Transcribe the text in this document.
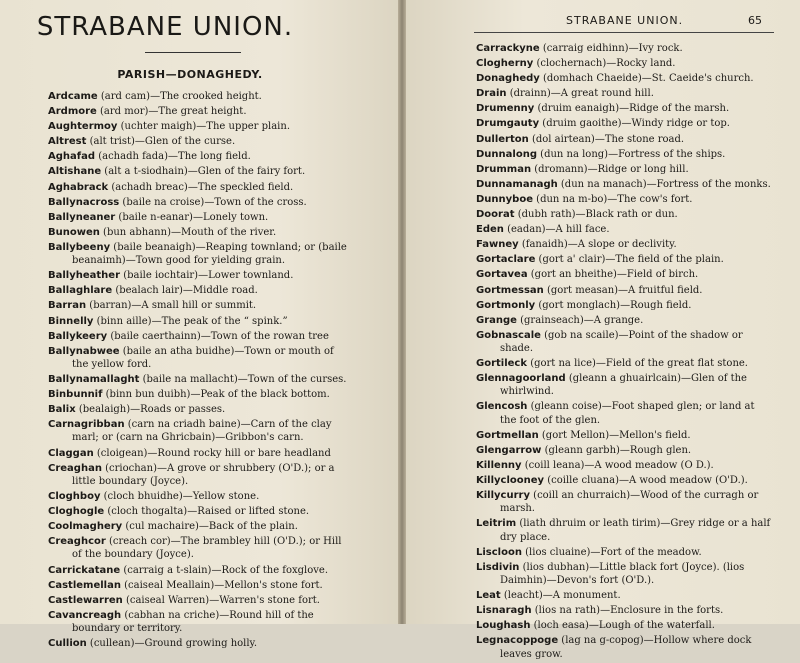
STRABANE UNION.
PARISH—DONAGHEDY.
Ardcame (ard cam)—The crooked height.
Ardmore (ard mor)—The great height.
Aughtermoy (uchter maigh)—The upper plain.
Altrest (alt trist)—Glen of the curse.
Aghafad (achadh fada)—The long field.
Altishane (alt a t-siodhain)—Glen of the fairy fort.
Aghabrack (achadh breac)—The speckled field.
Ballynacross (baile na croise)—Town of the cross.
Ballyneaner (baile n-eanar)—Lonely town.
Bunowen (bun abhann)—Mouth of the river.
Ballybeeny (baile beanaigh)—Reaping townland; or (baile beanaimh)—Town good for yielding grain.
Ballyheather (baile iochtair)—Lower townland.
Ballaghlare (bealach lair)—Middle road.
Barran (barran)—A small hill or summit.
Binnelly (binn aille)—The peak of the “ spink.”
Ballykeery (baile caerthainn)—Town of the rowan tree
Ballynabwee (baile an atha buidhe)—Town or mouth of the yellow ford.
Ballynamallaght (baile na mallacht)—Town of the curses.
Binbunnif (binn bun duibh)—Peak of the black bottom.
Balix (bealaigh)—Roads or passes.
Carnagribban (carn na criadh baine)—Carn of the clay marl; or (carn na Ghricbain)—Gribbon's carn.
Claggan (cloigean)—Round rocky hill or bare headland
Creaghan (criochan)—A grove or shrubbery (O'D.); or a little boundary (Joyce).
Cloghboy (cloch bhuidhe)—Yellow stone.
Cloghogle (cloch thogalta)—Raised or lifted stone.
Coolmaghery (cul machaire)—Back of the plain.
Creaghcor (creach cor)—The brambley hill (O'D.); or Hill of the boundary (Joyce).
Carrickatane (carraig a t-slain)—Rock of the foxglove.
Castlemellan (caiseal Meallain)—Mellon's stone fort.
Castlewarren (caiseal Warren)—Warren's stone fort.
Cavancreagh (cabhan na criche)—Round hill of the boundary or territory.
Cullion (cullean)—Ground growing holly.
STRABANE UNION.	65
Carrackyne (carraig eidhinn)—Ivy rock.
Clogherny (clochernach)—Rocky land.
Donaghedy (domhach Chaeide)—St. Caeide's church.
Drain (drainn)—A great round hill.
Drumenny (druim eanaigh)—Ridge of the marsh.
Drumgauty (druim gaoithe)—Windy ridge or top.
Dullerton (dol airtean)—The stone road.
Dunnalong (dun na long)—Fortress of the ships.
Drumman (dromann)—Ridge or long hill.
Dunnamanagh (dun na manach)—Fortress of the monks.
Dunnyboe (dun na m-bo)—The cow's fort.
Doorat (dubh rath)—Black rath or dun.
Eden (eadan)—A hill face.
Fawney (fanaidh)—A slope or declivity.
Gortaclare (gort a' clair)—The field of the plain.
Gortavea (gort an bheithe)—Field of birch.
Gortmessan (gort measan)—A fruitful field.
Gortmonly (gort monglach)—Rough field.
Grange (grainseach)—A grange.
Gobnascale (gob na scaile)—Point of the shadow or shade.
Gortileck (gort na lice)—Field of the great flat stone.
Glennagoorland (gleann a ghuairlcain)—Glen of the whirlwind.
Glencosh (gleann coise)—Foot shaped glen; or land at the foot of the glen.
Gortmellan (gort Mellon)—Mellon's field.
Glengarrow (gleann garbh)—Rough glen.
Killenny (coill leana)—A wood meadow (O D.).
Killyclooney (coille cluana)—A wood meadow (O'D.).
Killycurry (coill an churraich)—Wood of the curragh or marsh.
Leitrim (liath dhruim or leath tirim)—Grey ridge or a half dry place.
Liscloon (lios cluaine)—Fort of the meadow.
Lisdivin (lios dubhan)—Little black fort (Joyce). (lios Daimhin)—Devon's fort (O'D.).
Leat (leacht)—A monument.
Lisnaragh (lios na rath)—Enclosure in the forts.
Loughash (loch easa)—Lough of the waterfall.
Legnacoppoge (lag na g-copog)—Hollow where dock leaves grow.
